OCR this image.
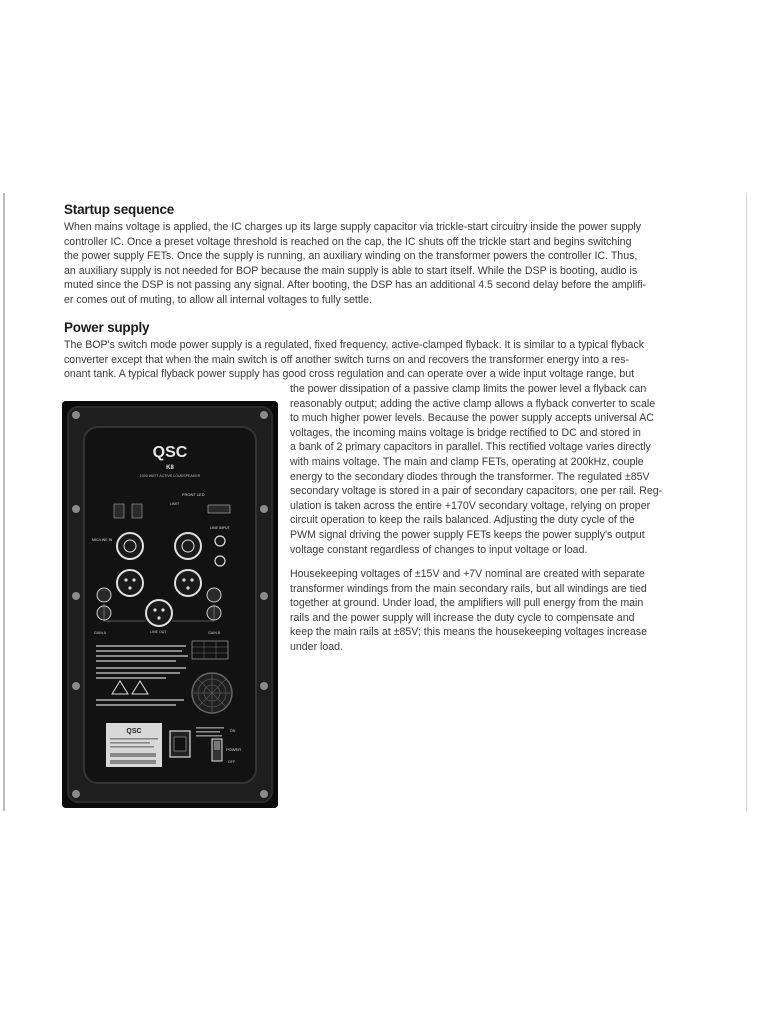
Startup sequence

When mains voltage is applied, the IC charges up its large supply capacitor via trickle-start circuitry inside the power supply
controller IC. Once a preset voltage threshold is reached on the cap, the IC shuts off the trickle start and begins switching
the power supply FETs. Once the supply is running, an auxiliary winding on the transformer powers the controller IC. Thus,
an auxiliary supply is not needed for BOP because the main supply is able to start itself. While the DSP is booting, audio is
muted since the DSP is not passing any signal. After booting, the DSP has an additional 4.5 second delay before the amplifi-
er comes out of muting, to allow all internal voltages to fully settle.

Power supply

The BOP's switch mode power supply is a regulated, fixed frequency, active-clamped flyback. It is similar to a typical flyback
converter except that when the main switch is off another switch turns on and recovers the transformer energy into a res-
onant tank. A typical flyback power supply has good cross regulation and can operate over a wide input voltage range, but

the power dissipation of a passive clamp limits the power level a flyback can
reasonably output; adding the active clamp allows a flyback converter to scale
to much higher power levels. Because the power supply accepts universal AC
voltages, the incoming mains voltage is bridge rectified to DC and stored in
a bank of 2 primary capacitors in parallel. This rectified voltage varies directly
with mains voltage. The main and clamp FETs, operating at 200kHz, couple
energy to the secondary diodes through the transformer. The regulated ±85V
secondary voltage is stored in a pair of secondary capacitors, one per rail. Reg-
ulation is taken across the entire +170V secondary voltage, relying on proper
circuit operation to keep the rails balanced. Adjusting the duty cycle of the
PWM signal driving the power supply FETs keeps the power supply's output
voltage constant regardless of changes to input voltage or load.

Housekeeping voltages of ±15V and +7V nominal are created with separate
transformer windings from the main secondary rails, but all windings are tied
together at ground. Under load, the amplifiers will pull energy from the main
rails and the power supply will increase the duty cycle to compensate and
keep the main rails at ±85V; this means the housekeeping voltages increase
under load.

QSC
K8
1000 WATT ACTIVE LOUDSPEAKER
FRONT LED
LIMIT
LINE INPUT
MIC/LINE IN
GAIN A	LINE OUT	GAIN B
QSC	ON
POWER
OFF
